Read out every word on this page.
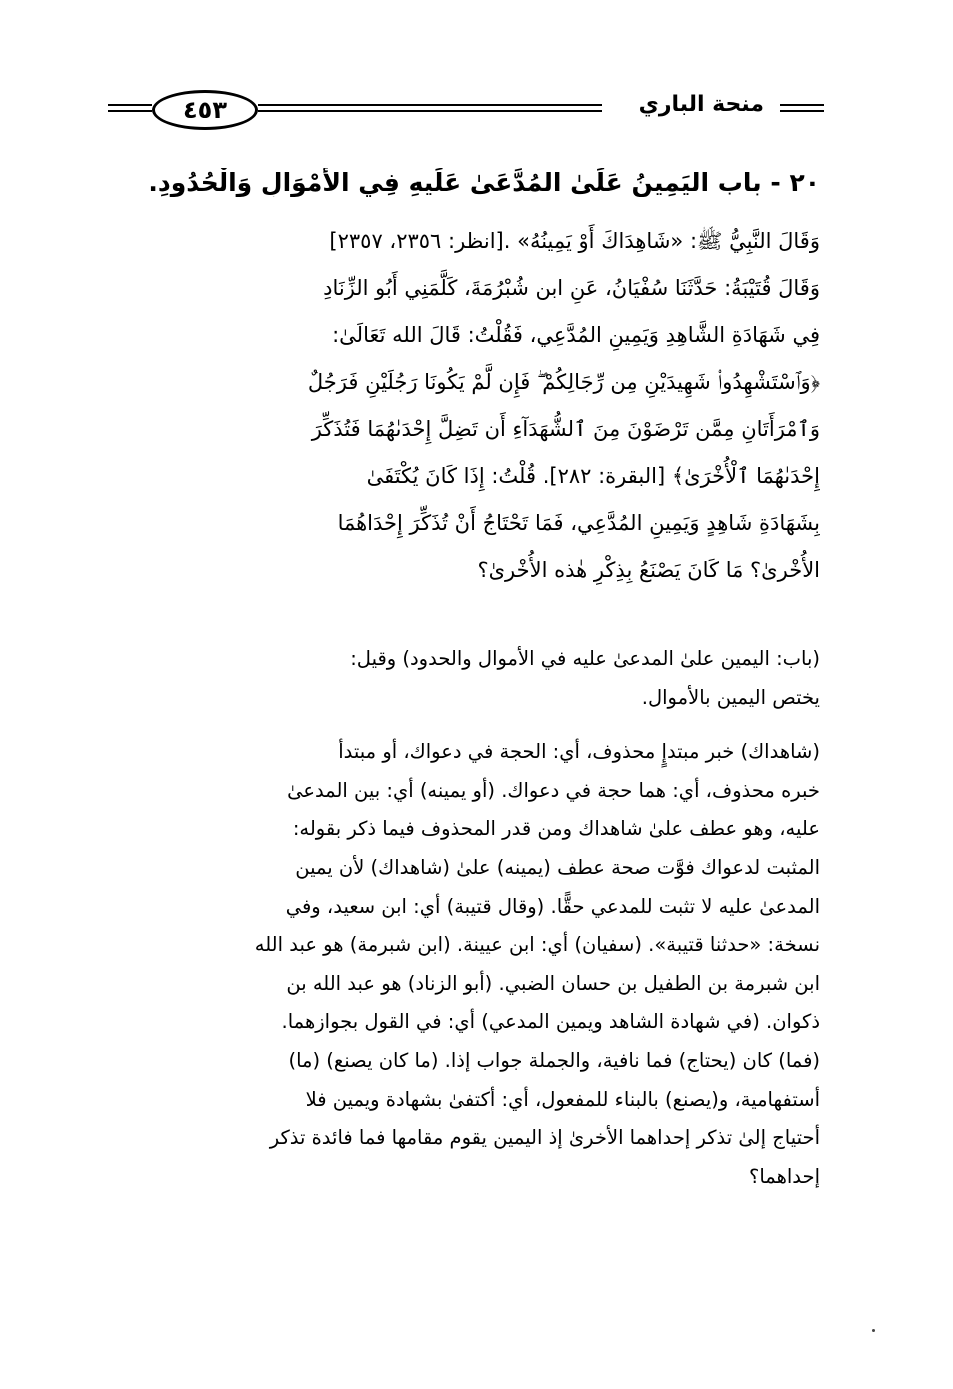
٤٥٣	منحة الباري
٢٠ - باب اليَمِينُ عَلَىٰ المُدَّعَىٰ عَلَيهِ فِي الأَمْوَالِ وَالْحُدُودِ.
وَقَالَ النَّبِيُّ ﷺ: «شَاهِدَاكَ أَوْ يَمِينُهُ» .[انظر: ٢٣٥٦، ٢٣٥٧]
وَقَالَ قُتَيْبَةُ: حَدَّثَنَا سُفْيَانُ، عَنِ ابن شُبْرُمَةَ، كَلَّمَنِي أَبُو الزِّنَادِ
فِي شَهَادَةِ الشَّاهِدِ وَيَمِينِ المُدَّعِي، فَقُلْتُ: قَالَ الله تَعَالَىٰ:
﴿وَٱسْتَشْهِدُوا۟ شَهِيدَيْنِ مِن رِّجَالِكُمْ ۖ فَإِن لَّمْ يَكُونَا رَجُلَيْنِ فَرَجُلٌ
وَٱمْرَأَتَانِ مِمَّن تَرْضَوْنَ مِنَ ٱلشُّهَدَآءِ أَن تَضِلَّ إِحْدَىٰهُمَا فَتُذَكِّرَ
إِحْدَىٰهُمَا ٱلْأُخْرَىٰ﴾ [البقرة: ٢٨٢]. قُلْتُ: إِذَا كَانَ يُكْتَفَىٰ
بِشَهَادَةِ شَاهِدٍ وَيَمِينِ المُدَّعِي، فَمَا تَحْتَاجُ أَنْ تُذَكِّرَ إِحْدَاهُمَا
الأُخْرىٰ؟ مَا كَانَ يَصْنَعُ بِذِكْرِ هٰذه الأُخْرىٰ؟
(باب: اليمين علىٰ المدعىٰ عليه في الأموال والحدود) وقيل:
يختص اليمين بالأموال.
(شاهداك) خبر مبتدإٍ محذوف، أي: الحجة في دعواك، أو مبتدأ
خبره محذوف، أي: هما حجة في دعواك. (أو يمينه) أي: بين المدعىٰ
عليه، وهو عطف علىٰ شاهداك ومن قدر المحذوف فيما ذكر بقوله:
المثبت لدعواك فوَّت صحة عطف (يمينه) علىٰ (شاهداك) لأن يمين
المدعىٰ عليه لا تثبت للمدعي حقًّا. (وقال قتيبة) أي: ابن سعيد، وفي
نسخة: «حدثنا قتيبة». (سفيان) أي: ابن عيينة. (ابن شبرمة) هو عبد الله
ابن شبرمة بن الطفيل بن حسان الضبي. (أبو الزناد) هو عبد الله بن
ذكوان. (في شهادة الشاهد ويمين المدعي) أي: في القول بجوازهما.
(فما) كان (يحتاج) فما نافية، والجملة جواب إذا. (ما كان يصنع) (ما)
أستفهامية، و(يصنع) بالبناء للمفعول، أي: أكتفىٰ بشهادة ويمين فلا
أحتياج إلىٰ تذكر إحداهما الأخرىٰ إذ اليمين يقوم مقامها فما فائدة تذكر
إحداهما؟
